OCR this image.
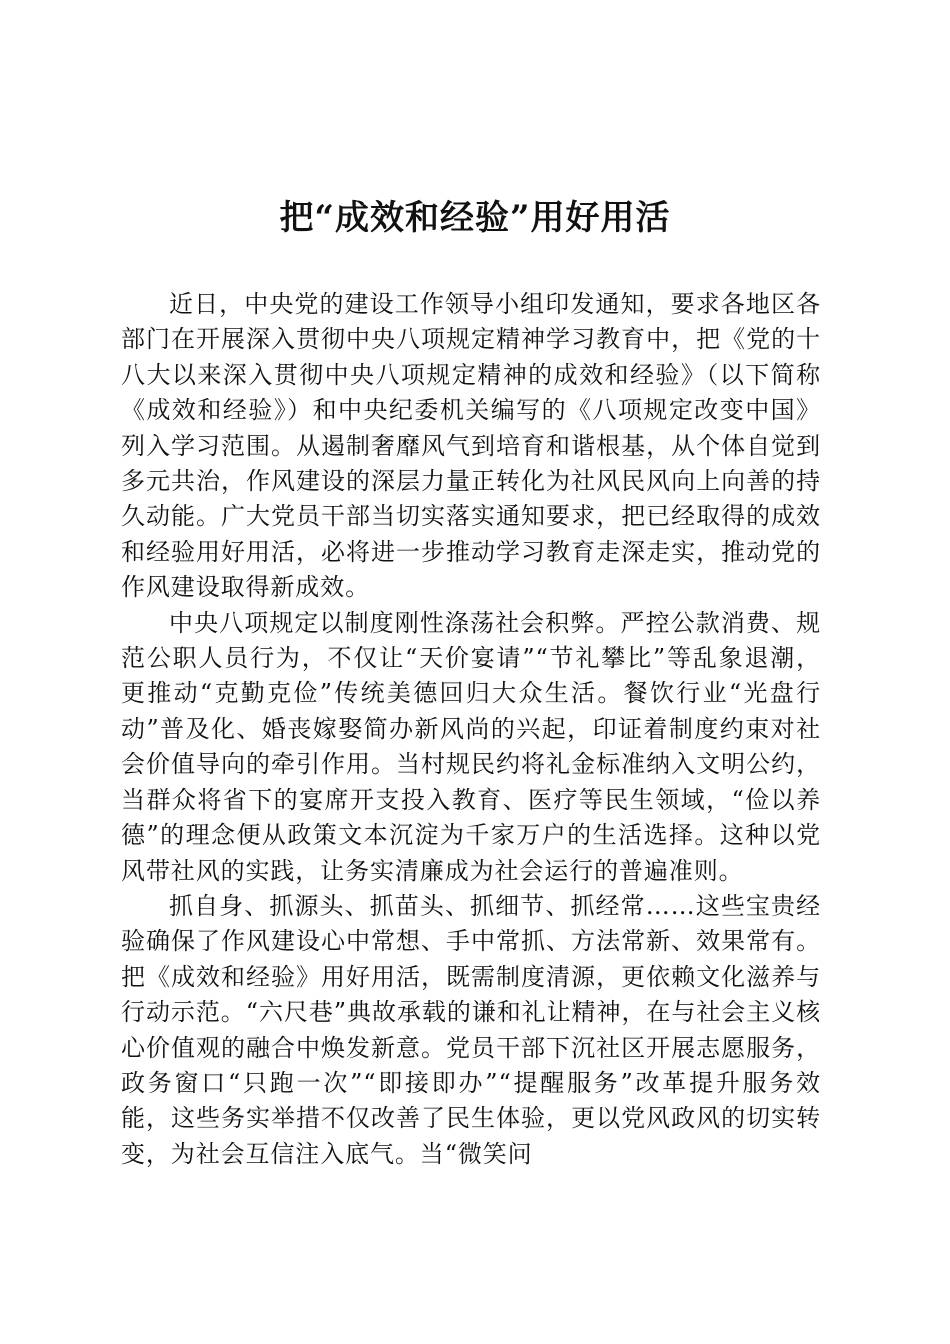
把“成效和经验”用好用活

近日，中央党的建设工作领导小组印发通知，要求各地区各部门在开展深入贯彻中央八项规定精神学习教育中，把《党的十八大以来深入贯彻中央八项规定精神的成效和经验》（以下简称《成效和经验》）和中央纪委机关编写的《八项规定改变中国》列入学习范围。从遏制奢靡风气到培育和谐根基，从个体自觉到多元共治，作风建设的深层力量正转化为社风民风向上向善的持久动能。广大党员干部当切实落实通知要求，把已经取得的成效和经验用好用活，必将进一步推动学习教育走深走实，推动党的作风建设取得新成效。

中央八项规定以制度刚性涤荡社会积弊。严控公款消费、规范公职人员行为，不仅让“天价宴请”“节礼攀比”等乱象退潮，更推动“克勤克俭”传统美德回归大众生活。餐饮行业“光盘行动”普及化、婚丧嫁娶简办新风尚的兴起，印证着制度约束对社会价值导向的牵引作用。当村规民约将礼金标准纳入文明公约，当群众将省下的宴席开支投入教育、医疗等民生领域，“俭以养德”的理念便从政策文本沉淀为千家万户的生活选择。这种以党风带社风的实践，让务实清廉成为社会运行的普遍准则。

抓自身、抓源头、抓苗头、抓细节、抓经常……这些宝贵经验确保了作风建设心中常想、手中常抓、方法常新、效果常有。把《成效和经验》用好用活，既需制度清源，更依赖文化滋养与行动示范。“六尺巷”典故承载的谦和礼让精神，在与社会主义核心价值观的融合中焕发新意。党员干部下沉社区开展志愿服务，政务窗口“只跑一次”“即接即办”“提醒服务”改革提升服务效能，这些务实举措不仅改善了民生体验，更以党风政风的切实转变，为社会互信注入底气。当“微笑问
